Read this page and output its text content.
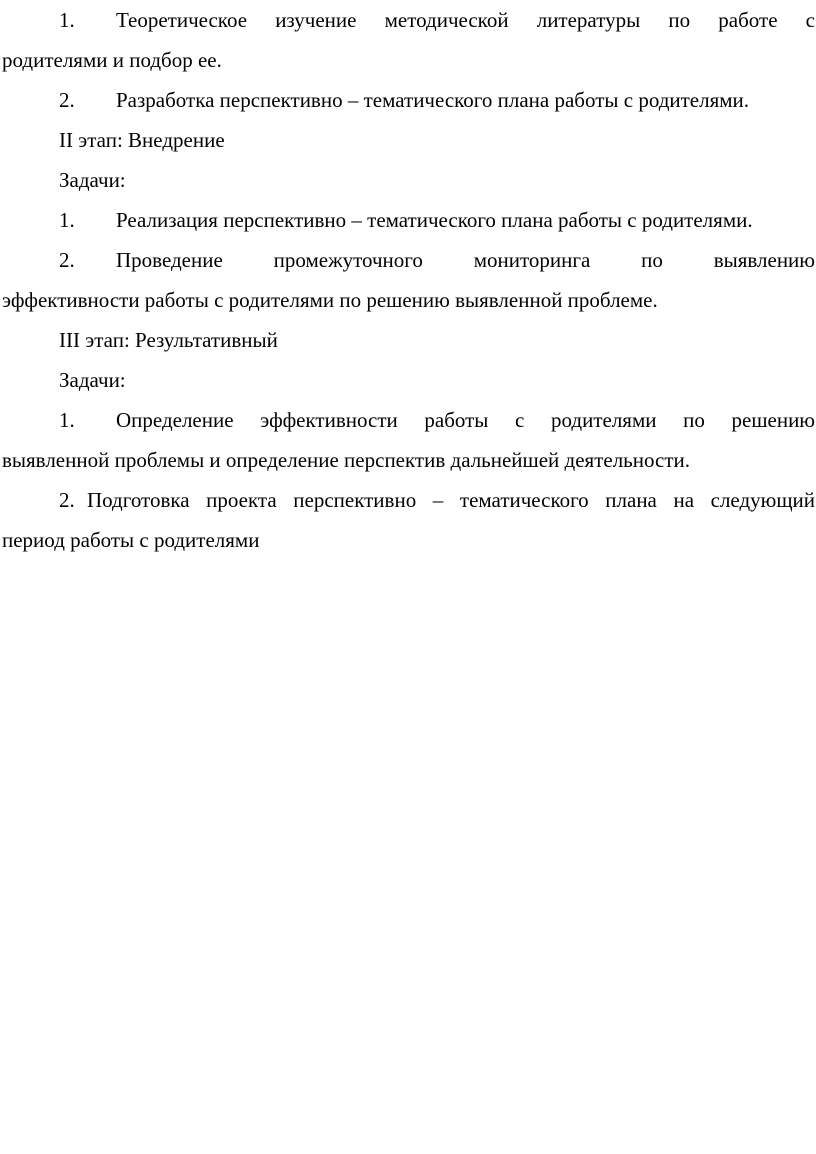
1. Теоретическое изучение методической литературы по работе с
родителями и подбор ее.
2. Разработка перспективно – тематического плана работы с родителями.
II этап: Внедрение
Задачи:
1. Реализация перспективно – тематического плана работы с родителями.
2. Проведение промежуточного мониторинга по выявлению
эффективности работы с родителями по решению выявленной проблеме.
III этап: Результативный
Задачи:
1. Определение эффективности работы с родителями по решению
выявленной проблемы и определение перспектив дальнейшей деятельности.
2. Подготовка проекта перспективно – тематического плана на следующий
период работы с родителями
